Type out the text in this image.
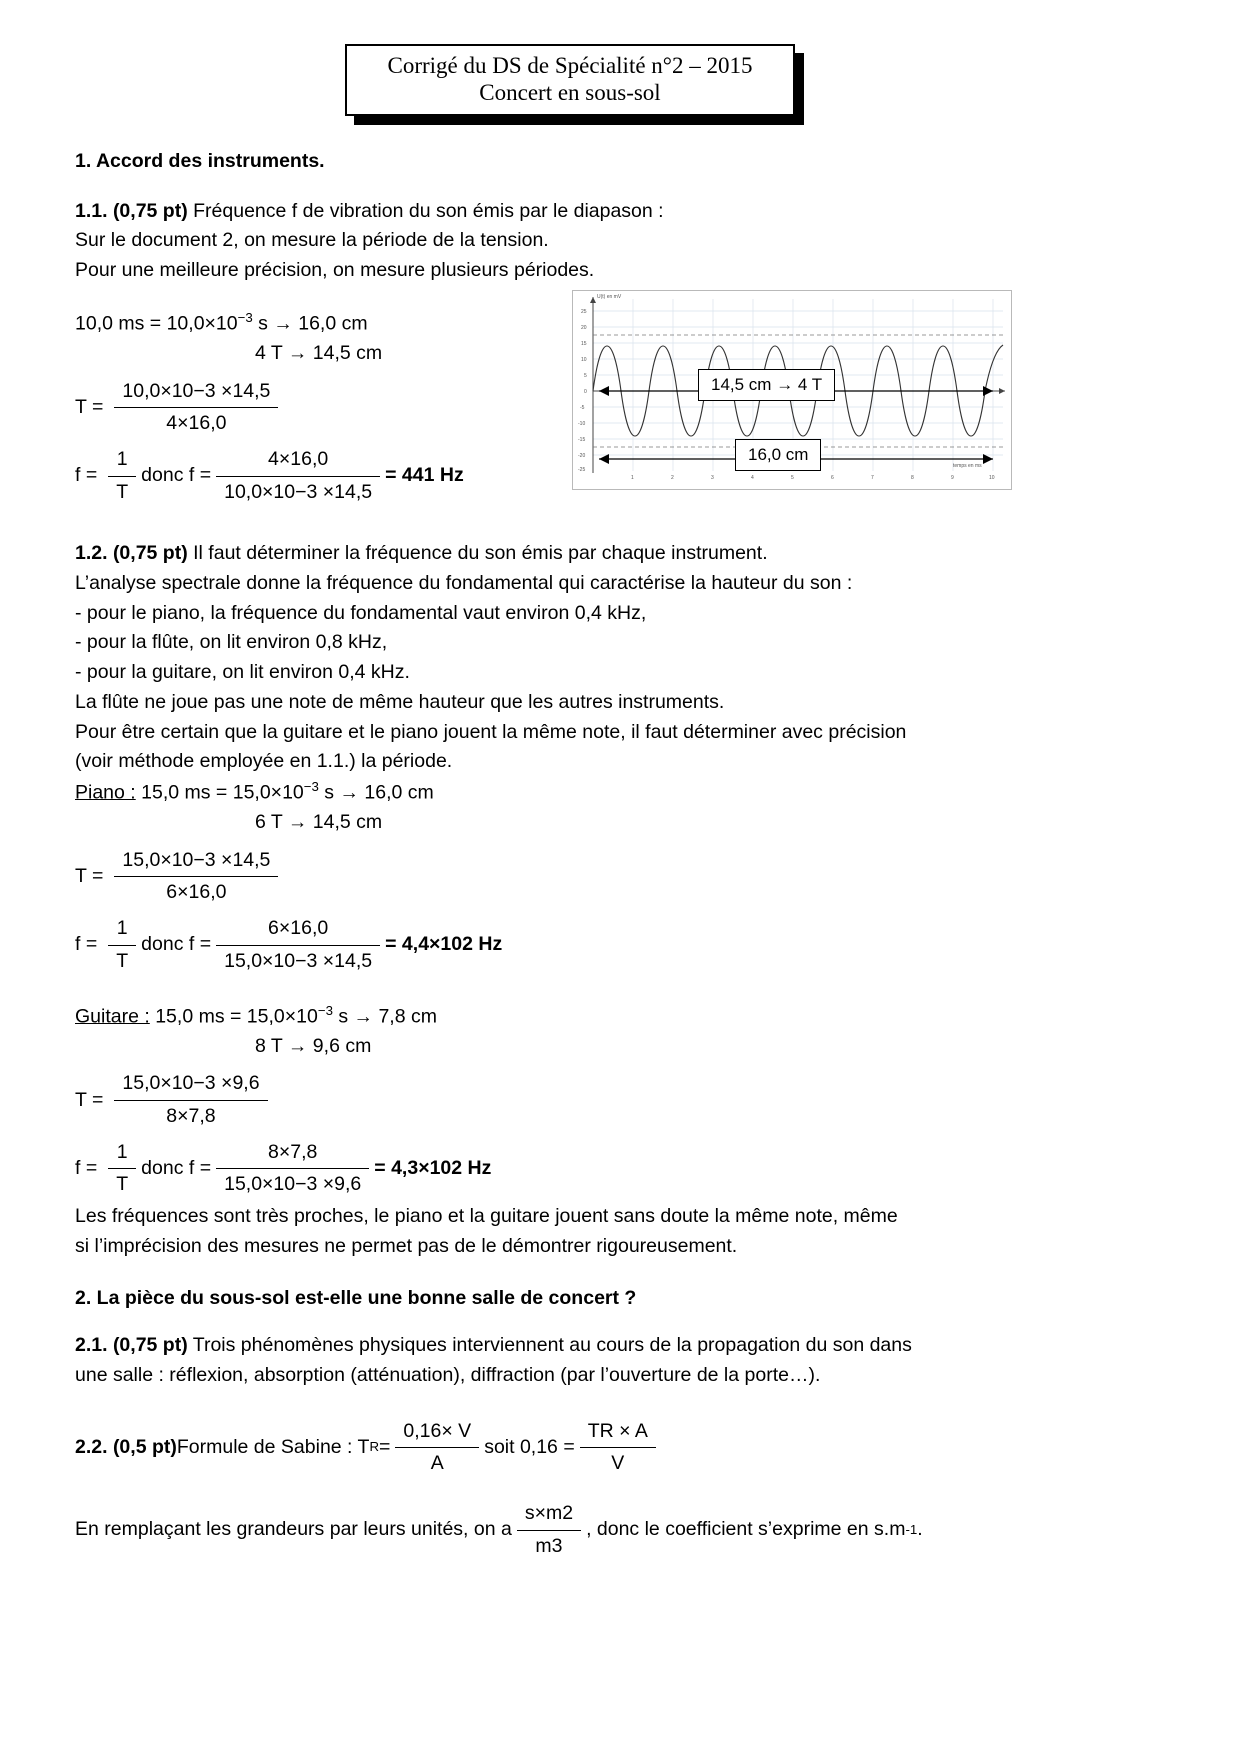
Corrigé du DS de Spécialité n°2 – 2015
Concert en sous-sol
1	2	3	4	5	6	7	8	9	10
25
20
15
10
5
0
-5
-10
-15
-20
-25
U(t) en mV
temps en ms
14,5 cm → 4 T
16,0 cm
1. Accord des instruments.

1.1. (0,75 pt) Fréquence f de vibration du son émis par le diapason :

Sur le document 2, on mesure la période de la tension.

Pour une meilleure précision, on mesure plusieurs périodes.

10,0 ms = $10,0\times 10^{-3}$ s → 16,0 cm

4 T → 14,5 cm

$T = \frac{10,0\times 10-3 \times 14,5}{4\times 16,0}$
$f = \frac{1}{T}$ donc $f = \frac{4\times 16,0}{10,0\times 10-3 \times 14,5} = 441$ Hz

1.2. (0,75 pt) Il faut déterminer la fréquence du son émis par chaque instrument.

L’analyse spectrale donne la fréquence du fondamental qui caractérise la hauteur du son :

- pour le piano, la fréquence du fondamental vaut environ 0,4 kHz,

- pour la flûte, on lit environ 0,8 kHz,

- pour la guitare, on lit environ 0,4 kHz.

La flûte ne joue pas une note de même hauteur que les autres instruments.

Pour être certain que la guitare et le piano jouent la même note, il faut déterminer avec précision

(voir méthode employée en 1.1.) la période.

Piano : 15,0 ms = $15,0\times 10^{-3}$ s → 16,0 cm

6 T → 14,5 cm

$T = \frac{15,0\times 10-3 \times 14,5}{6\times 16,0}$
$f = \frac{1}{T}$ donc $f = \frac{6\times 16,0}{15,0\times 10-3 \times 14,5} = 4,4\times 102$ Hz

Guitare : 15,0 ms = $15,0\times 10^{-3}$ s → 7,8 cm

8 T → 9,6 cm

$T = \frac{15,0\times 10-3 \times 9,6}{8\times 7,8}$
$f = \frac{1}{T}$ donc $f = \frac{8\times 7,8}{15,0\times 10-3 \times 9,6} = 4,3\times 102$ Hz

Les fréquences sont très proches, le piano et la guitare jouent sans doute la même note, même

si l’imprécision des mesures ne permet pas de le démontrer rigoureusement.

2. La pièce du sous-sol est-elle une bonne salle de concert ?

2.1. (0,75 pt) Trois phénomènes physiques interviennent au cours de la propagation du son dans

une salle : réflexion, absorption (atténuation), diffraction (par l’ouverture de la porte…).

2.2. (0,5 pt) Formule de Sabine : T $R = \frac{0,16\times V}{A}$ soit $0,16 = \frac{TR \times A}{V}$
En remplaçant les grandeurs par leurs unités, on a $\frac{s\times m2}{m3}$ , donc le coefficient s’exprime en s.m -1 .
